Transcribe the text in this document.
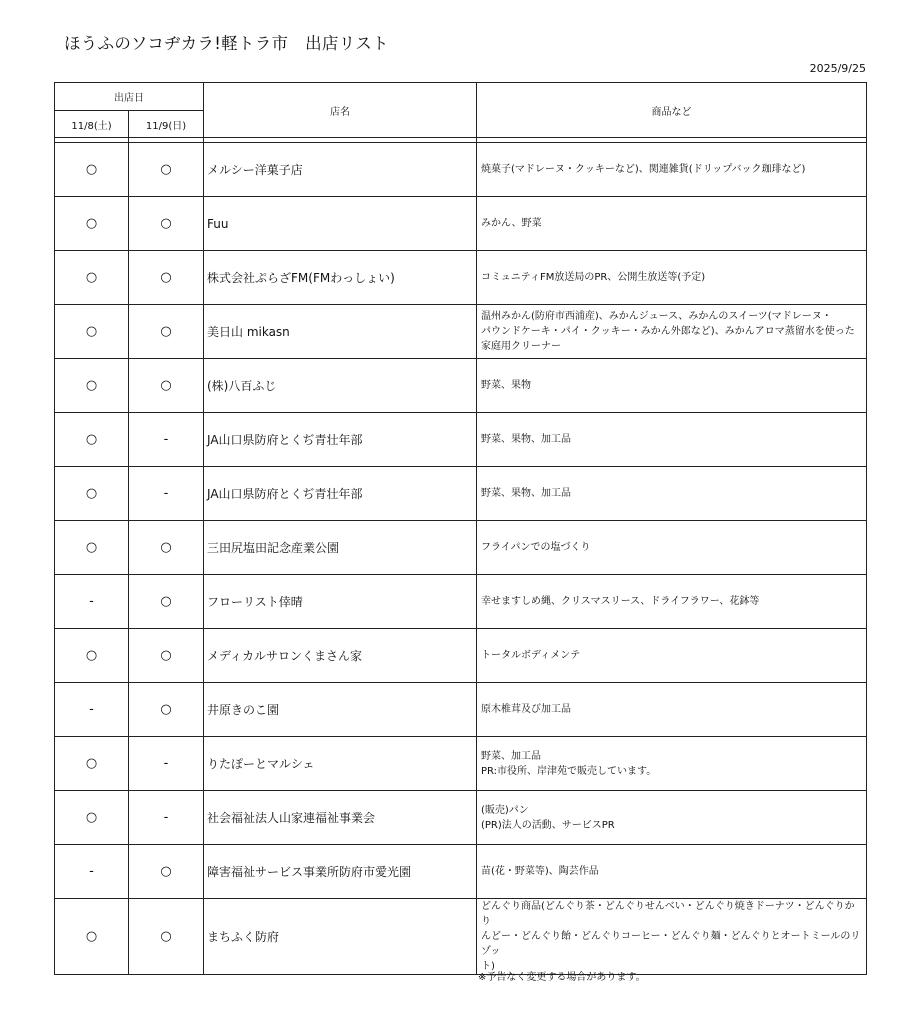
ほうふのソコヂカラ!軽トラ市　出店リスト
2025/9/25
出店日		店名	商品など
11/8(土)	11/9(日)		

○	○	メルシー洋菓子店	焼菓子(マドレーヌ・クッキーなど)、関連雑貨(ドリップバック珈琲など)

○	○	Fuu	みかん、野菜

○	○	株式会社ぷらざFM(FMわっしょい)	コミュニティFM放送局のPR、公開生放送等(予定)

○	○	美日山 mikasn	温州みかん(防府市西浦産)、みかんジュース、みかんのスイーツ(マドレーヌ・
パウンドケーキ・パイ・クッキー・みかん外郎など)、みかんアロマ蒸留水を使った
家庭用クリーナー

○	○	(株)八百ふじ	野菜、果物

○	-	JA山口県防府とくぢ青壮年部	野菜、果物、加工品

○	-	JA山口県防府とくぢ青壮年部	野菜、果物、加工品

○	○	三田尻塩田記念産業公園	フライパンでの塩づくり

-	○	フローリスト倖晴	幸せますしめ縄、クリスマスリース、ドライフラワー、花鉢等

○	○	メディカルサロンくまさん家	トータルボディメンテ

-	○	井原きのこ園	原木椎茸及び加工品

○	-	りたぽーとマルシェ	野菜、加工品
PR:市役所、岸津苑で販売しています。

○	-	社会福祉法人山家連福祉事業会	(販売)パン
(PR)法人の活動、サービスPR

-	○	障害福祉サービス事業所防府市愛光園	苗(花・野菜等)、陶芸作品

○	○	まちふく防府	どんぐり商品(どんぐり茶・どんぐりせんべい・どんぐり焼きドーナツ・どんぐりかり
んどー・どんぐり飴・どんぐりコーヒー・どんぐり麺・どんぐりとオートミールのリゾッ
ト)
※予告なく変更する場合があります。
